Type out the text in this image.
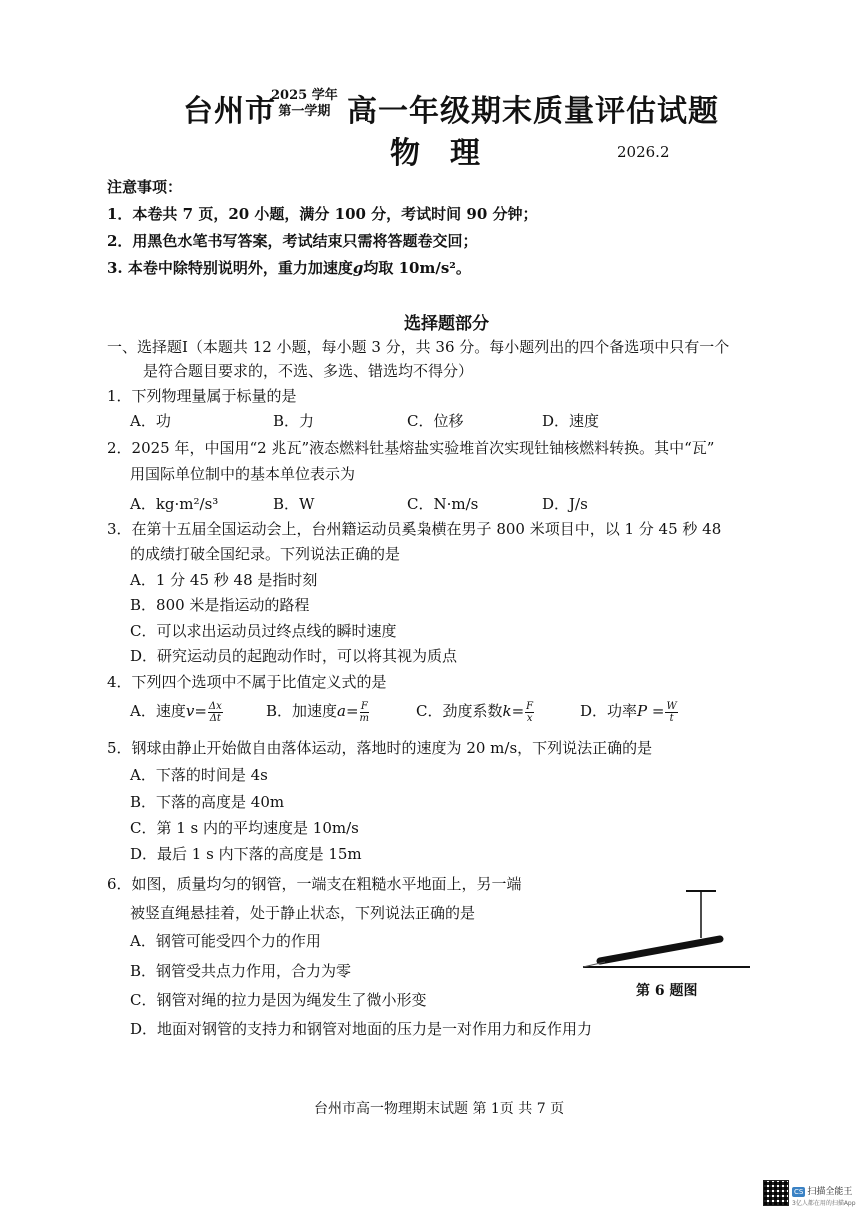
台州市
2025 学年
第一学期 高一年级期末质量评估试题
物理	2026.2
注意事项：
1．本卷共 7 页，20 小题，满分 100 分，考试时间 90 分钟；
2．用黑色水笔书写答案，考试结束只需将答题卷交回；
3. 本卷中除特别说明外，重力加速度g均取 10m/s²。
选择题部分
一、选择题Ⅰ（本题共 12 小题，每小题 3 分，共 36 分。每小题列出的四个备选项中只有一个
是符合题目要求的，不选、多选、错选均不得分）
1．下列物理量属于标量的是
A．功	B．力	C．位移	D．速度
2．2025 年，中国用“2 兆瓦”液态燃料钍基熔盐实验堆首次实现钍铀核燃料转换。其中“瓦”
用国际单位制中的基本单位表示为
A．kg·m²/s³	B．W	C．N·m/s	D．J/s
3．在第十五届全国运动会上，台州籍运动员奚枭横在男子 800 米项目中，以 1 分 45 秒 48
的成绩打破全国纪录。下列说法正确的是
A．1 分 45 秒 48 是指时刻
B．800 米是指运动的路程
C．可以求出运动员过终点线的瞬时速度
D．研究运动员的起跑动作时，可以将其视为质点
4．下列四个选项中不属于比值定义式的是
A．速度$v= \frac{\Delta x}{\Delta t}$	B．加速度$a= \frac{F}{m}$	C．劲度系数$k= \frac{F}{x}$	D．功率$P = \frac{W}{t}$
5．钢球由静止开始做自由落体运动，落地时的速度为 20 m/s，下列说法正确的是
A．下落的时间是 4s
B．下落的高度是 40m
C．第 1 s 内的平均速度是 10m/s
D．最后 1 s 内下落的高度是 15m
6．如图，质量均匀的钢管，一端支在粗糙水平地面上，另一端
被竖直绳悬挂着，处于静止状态，下列说法正确的是
A．钢管可能受四个力的作用
B．钢管受共点力作用，合力为零
C．钢管对绳的拉力是因为绳发生了微小形变
D．地面对钢管的支持力和钢管对地面的压力是一对作用力和反作用力
第 6 题图
台州市高一物理期末试题 第 1页 共 7 页
CS 扫描全能王
3亿人都在用的扫描App
